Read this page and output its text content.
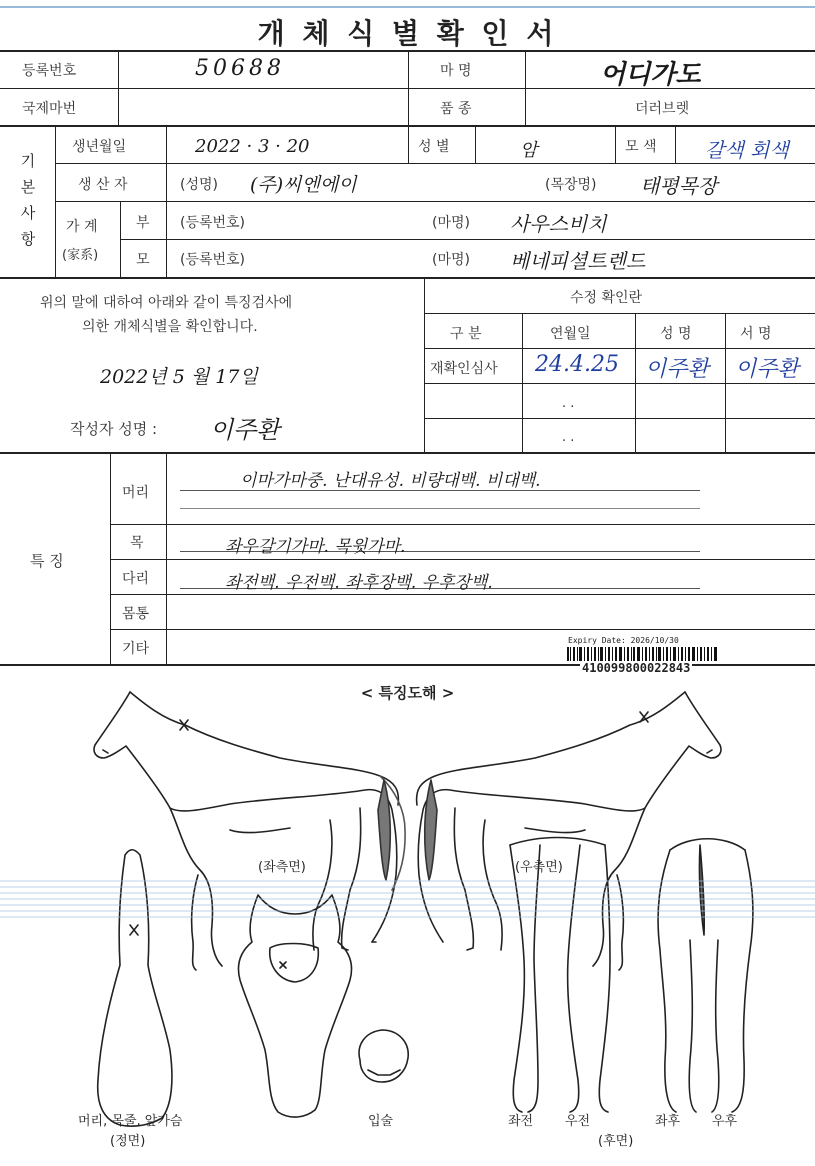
개 체 식 별 확 인 서
등록번호	50688	마 명	어디가도
국제마번	품 종	더러브렛
기 본 사 항
생년월일	2022 · 3 · 20	성 별	암	모 색 갈색 회색
생 산 자	(성명) (주)씨엔에이	(목장명) 태평목장
가 계
(家系)
부 (등록번호)	(마명) 사우스비치
모 (등록번호)	(마명) 베네피셜트렌드
위의 말에 대하여 아래와 같이 특징검사에
의한 개체식별을 확인합니다.
2022년 5 월 17일
작성자 성명 : 이주환
수정 확인란
구 분	연월일	성 명	서 명
재확인심사 24.4.25 이주환 이주환
. .
. .
특 징
머리
이마가마중. 난대유성. 비량대백. 비대백.
목	좌우갈기가마. 목윗가마.
다리	좌전백. 우전백. 좌후장백. 우후장백.
몸통
기타
Expiry Date: 2026/10/30
410099800022843
< 특징도해 >
(좌측면)	(우측면)
머리, 목줄, 앞가슴
(정면)
입술	좌전 우전	좌후 우후
(후면)
